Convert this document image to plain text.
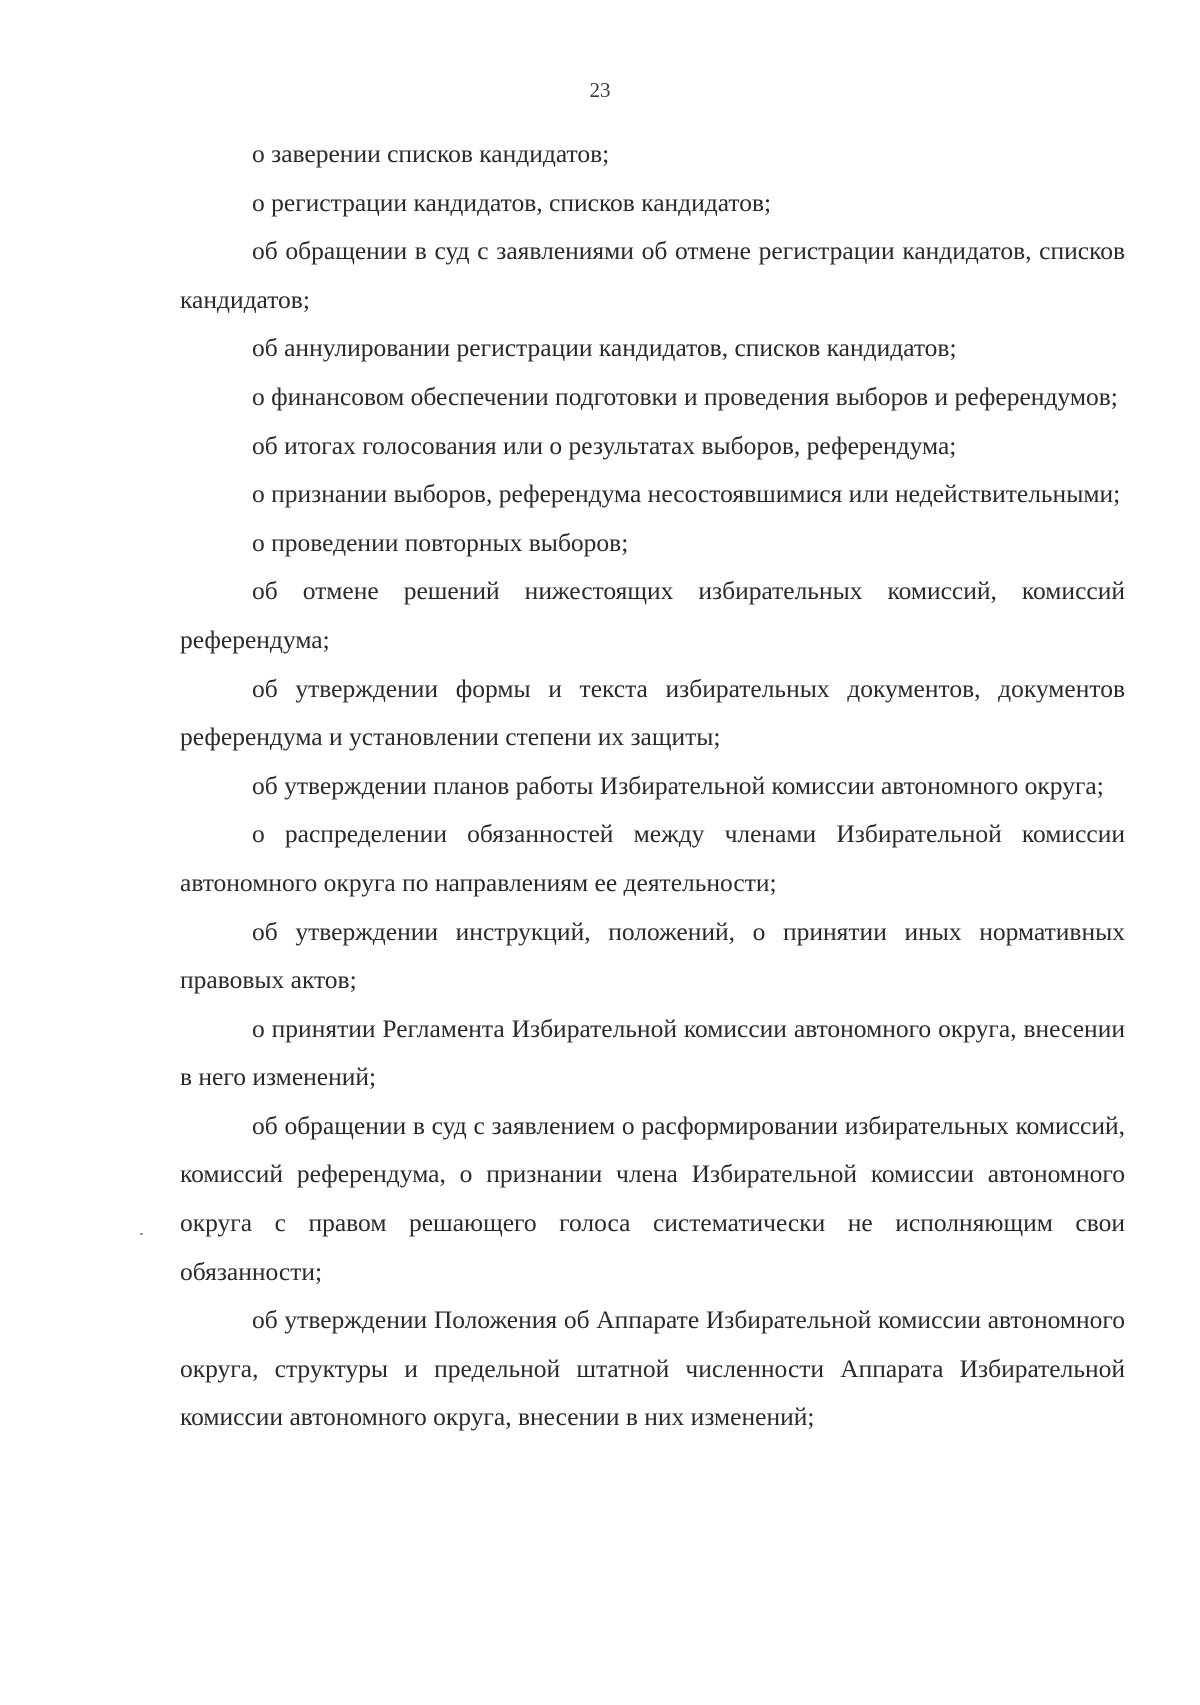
23

о заверении списков кандидатов;

о регистрации кандидатов, списков кандидатов;

об обращении в суд с заявлениями об отмене регистрации кандидатов, списков кандидатов;

об аннулировании регистрации кандидатов, списков кандидатов;

о финансовом обеспечении подготовки и проведения выборов и референдумов;

об итогах голосования или о результатах выборов, референдума;

о признании выборов, референдума несостоявшимися или недействительными;

о проведении повторных выборов;

об отмене решений нижестоящих избирательных комиссий, комиссий референдума;

об утверждении формы и текста избирательных документов, документов референдума и установлении степени их защиты;

об утверждении планов работы Избирательной комиссии автономного округа;

о распределении обязанностей между членами Избирательной комиссии автономного округа по направлениям ее деятельности;

об утверждении инструкций, положений, о принятии иных нормативных правовых актов;

о принятии Регламента Избирательной комиссии автономного округа, внесении в него изменений;

об обращении в суд с заявлением о расформировании избирательных комиссий, комиссий референдума, о признании члена Избирательной комиссии автономного округа с правом решающего голоса систематически не исполняющим свои обязанности;

об утверждении Положения об Аппарате Избирательной комиссии автономного округа, структуры и предельной штатной численности Аппарата Избирательной комиссии автономного округа, внесении в них изменений;
